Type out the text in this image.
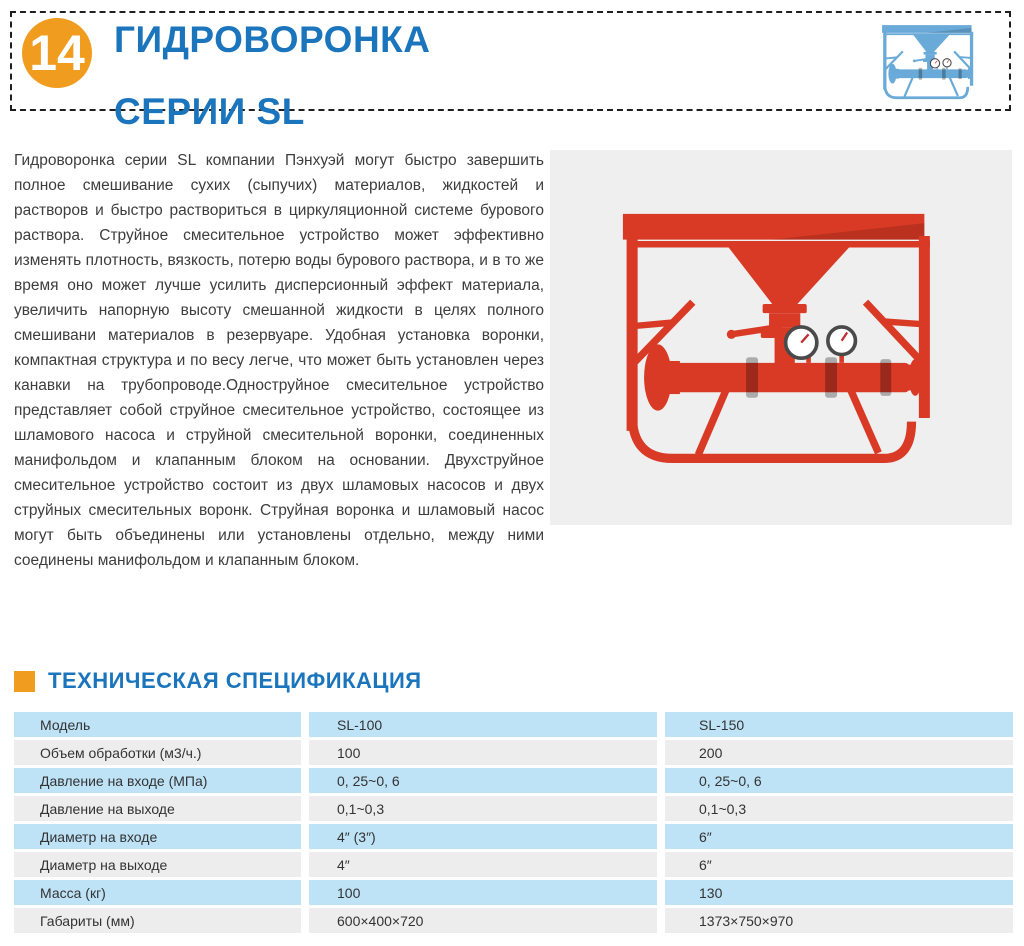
14 ГИДРОВОРОНКА

СЕРИИ SL

Гидроворонка серии SL компании Пэнхуэй могут быстро завершить полное смешивание сухих (сыпучих) материалов, жидкостей и растворов и быстро раствориться в циркуляционной системе бурового раствора. Струйное смесительное устройство может эффективно изменять плотность, вязкость, потерю воды бурового раствора, и в то же время оно может лучше усилить дисперсионный эффект материала, увеличить напорную высоту смешанной жидкости в целях полного смешивани материалов в резервуаре. Удобная установка воронки, компактная структура и по весу легче, что может быть установлен через канавки на трубопроводе.Одноструйное смесительное устройство представляет собой струйное смесительное устройство, состоящее из шламового насоса и струйной смесительной воронки, соединенных манифольдом и клапанным блоком на основании. Двухструйное смесительное устройство состоит из двух шламовых насосов и двух струйных смесительных воронк. Струйная воронка и шламовый насос могут быть объединены или установлены отдельно, между ними соединены манифольдом и клапанным блоком.

ТЕХНИЧЕСКАЯ СПЕЦИФИКАЦИЯ
Модель	SL-100	SL-150
Объем обработки (м3/ч.)	100	200
Давление на входе (МПа)	0, 25~0, 6	0, 25~0, 6
Давление на выходе	0,1~0,3	0,1~0,3
Диаметр на входе	4″ (3″)	6″
Диаметр на выходе	4″	6″
Масса (кг)	100	130
Габариты (мм)	600×400×720	1373×750×970
